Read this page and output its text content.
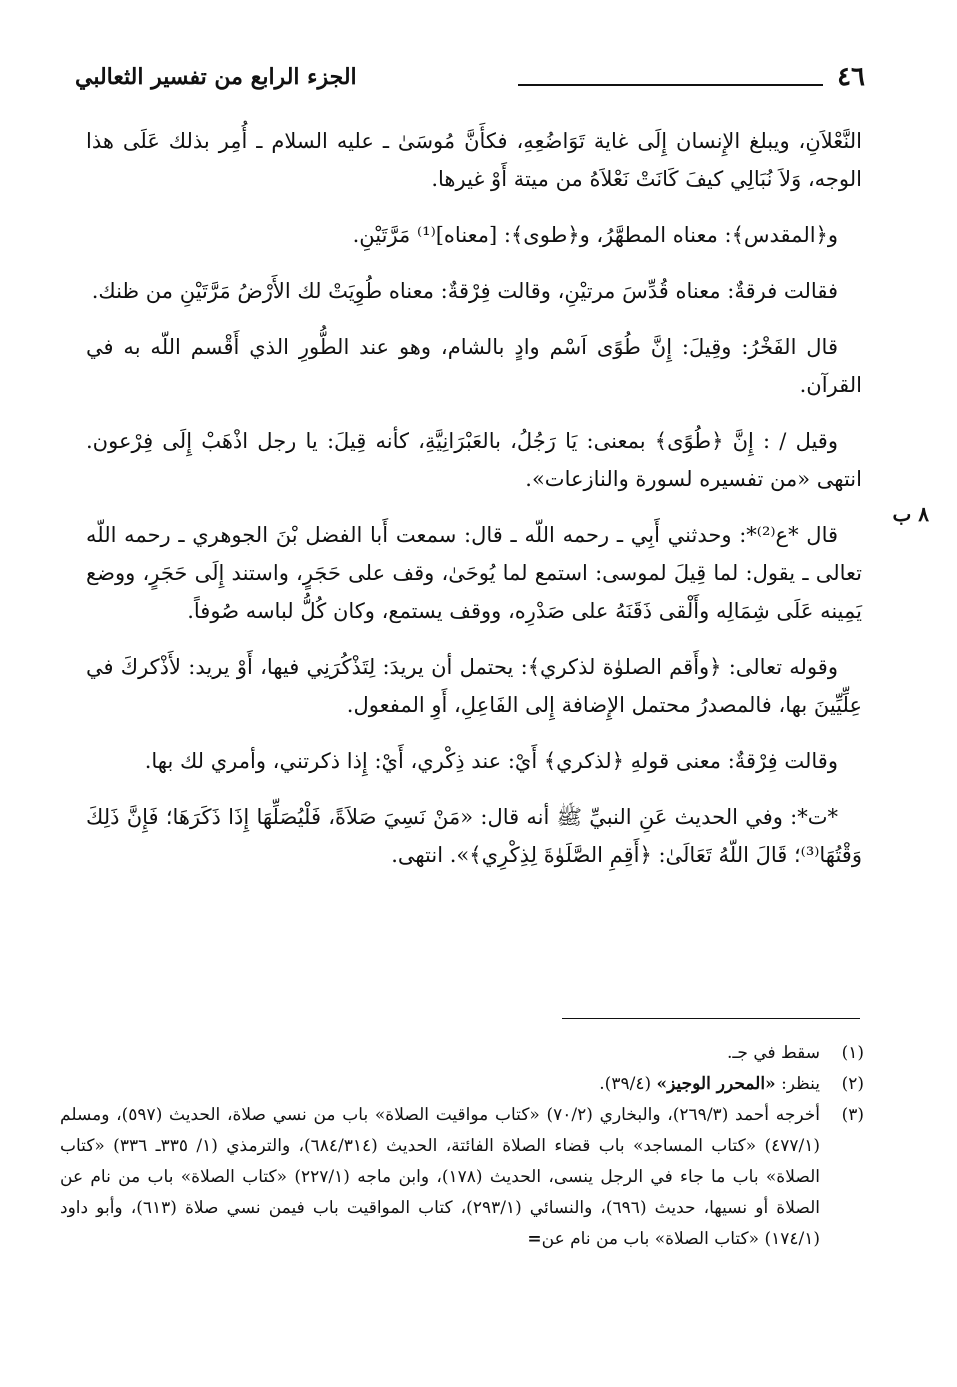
٤٦
الجزء الرابع من تفسير الثعالبي
٨ ب

النَّعْلاَنِ، ويبلغ الإِنسان إِلَى غاية تَوَاضُعِهِ، فكأَنَّ مُوسَىٰ ـ عليه السلام ـ أُمِر بذلك عَلَى هذا الوجه، وَلاَ نُبَالِي كيفَ كَانَتْ نَعْلاَهُ من ميتة أَوْ غيرها.

و﴿المقدس﴾: معناه المطهَّرُ، و﴿طوى﴾: [معناه]⁽¹⁾ مَرَّتَيْنِ.

فقالت فرقةٌ: معناه قُدِّسَ مرتيْنِ، وقالت فِرْقةٌ: معناه طُوِيَتْ لك الأَرْضُ مَرَّتَيْنِ من ظنك.

قال الفَخْرُ: وقِيلَ: إِنَّ طُوًى اَسْم وادٍ بالشام، وهو عند الطُّورِ الذي أَقْسم اللّه به في القرآن.

وقيل / : إِنَّ ﴿طُوًى﴾ بمعنى: يَا رَجُلُ، بالعَبْرَانِيَّةِ، كأنه قِيلَ: يا رجل اذْهَبْ إِلَى فِرْعون. انتهى «من تفسيره لسورة والنازعات».

قال *ع⁽²⁾*: وحدثني أَبِي ـ رحمه اللّه ـ قال: سمعت أَبا الفضل بْنَ الجوهري ـ رحمه اللّه تعالى ـ يقول: لما قِيلَ لموسى: استمع لما يُوحَىٰ، وقف على حَجَرٍ، واستند إِلَى حَجَرٍ، ووضع يَمِينه عَلَى شِمَالِه وأَلْقى ذَقَنَهُ على صَدْرِه، ووقف يستمع، وكان كُلُّ لباسه صُوفاً.

وقوله تعالى: ﴿وأَقم الصلوٰة لذكري﴾: يحتمل أن يريدَ: لِتَذْكُرَنِي فيها، أَوْ يريد: لأَذْكركَ في عِلِّيِّينَ بها، فالمصدرُ محتمل الإِضافة إِلى الفَاعِلِ، أَوِ المفعول.

وقالت فِرْقةٌ: معنى قولهِ ﴿لذكري﴾ أَيْ: عند ذِكْري، أَيْ: إِذا ذكرتني، وأمري لك بها.

*ت*: وفي الحديث عَنِ النبيِّ ﷺ أنه قال: «مَنْ نَسِيَ صَلاَةً، فَلْيُصَلِّهَا إِذَا ذَكَرَهَا؛ فَإِنَّ ذَلِكَ وَقْتُهَا⁽³⁾؛ قَالَ اللّهُ تَعَالَىٰ: ﴿أَقِمِ الصَّلَوٰةَ لِذِكْرِي﴾». انتهى.

(١)
سقط في جـ.
(٢)
ينظر: «المحرر الوجيز» (٣٩/٤).
(٣)
أخرجه أحمد (٢٦٩/٣)، والبخاري (٧٠/٢) «كتاب مواقيت الصلاة» باب من نسي صلاة، الحديث (٥٩٧)، ومسلم (٤٧٧/١) «كتاب المساجد» باب قضاء الصلاة الفائتة، الحديث (٦٨٤/٣١٤)، والترمذي (١/ ٣٣٥ـ ٣٣٦) «كتاب الصلاة» باب ما جاء في الرجل ينسى، الحديث (١٧٨)، وابن ماجه (٢٢٧/١) «كتاب الصلاة» باب من نام عن الصلاة أو نسيها، حديث (٦٩٦)، والنسائي (٢٩٣/١)، كتاب المواقيت باب فيمن نسي صلاة (٦١٣)، وأبو داود (١٧٤/١) «كتاب الصلاة» باب من نام عن=
